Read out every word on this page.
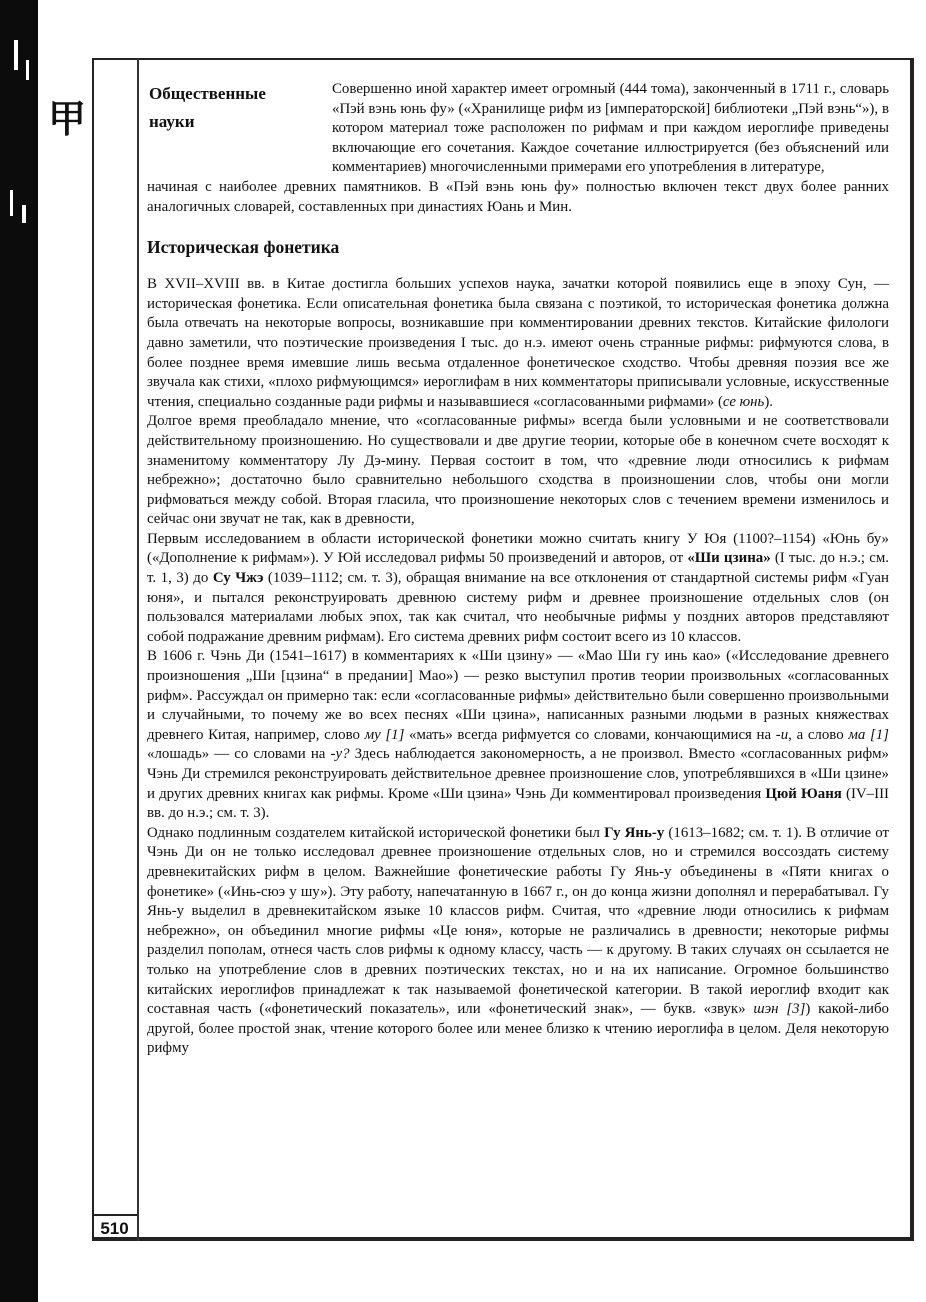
甲
510
Общественные
науки

Совершенно иной характер имеет огромный (444 тома), законченный в 1711 г., словарь «Пэй вэнь юнь фу» («Хранилище рифм из [императорской] библиотеки „Пэй вэнь“»), в котором материал тоже расположен по рифмам и при каждом иероглифе приведены включающие его сочетания. Каждое сочетание иллюстрируется (без объяснений или комментариев) многочисленными примерами его употребления в литературе,

начиная с наиболее древних памятников. В «Пэй вэнь юнь фу» полностью включен текст двух более ранних аналогичных словарей, составленных при династиях Юань и Мин.

Историческая фонетика

В XVII–XVIII вв. в Китае достигла больших успехов наука, зачатки которой появились еще в эпоху Сун, — историческая фонетика. Если описательная фонетика была связана с поэтикой, то историческая фонетика должна была отвечать на некоторые вопросы, возникавшие при комментировании древних текстов. Китайские филологи давно заметили, что поэтические произведения I тыс. до н.э. имеют очень странные рифмы: рифмуются слова, в более позднее время имевшие лишь весьма отдаленное фонетическое сходство. Чтобы древняя поэзия все же звучала как стихи, «плохо рифмующимся» иероглифам в них комментаторы приписывали условные, искусственные чтения, специально созданные ради рифмы и называвшиеся «согласованными рифмами» (се юнь).

Долгое время преобладало мнение, что «согласованные рифмы» всегда были условными и не соответствовали действительному произношению. Но существовали и две другие теории, которые обе в конечном счете восходят к знаменитому комментатору Лу Дэ-мину. Первая состоит в том, что «древние люди относились к рифмам небрежно»; достаточно было сравнительно небольшого сходства в произношении слов, чтобы они могли рифмоваться между собой. Вторая гласила, что произношение некоторых слов с течением времени изменилось и сейчас они звучат не так, как в древности,

Первым исследованием в области исторической фонетики можно считать книгу У Юя (1100?–1154) «Юнь бу» («Дополнение к рифмам»). У Юй исследовал рифмы 50 произведений и авторов, от «Ши цзина» (I тыс. до н.э.; см. т. 1, 3) до Су Чжэ (1039–1112; см. т. 3), обращая внимание на все отклонения от стандартной системы рифм «Гуан юня», и пытался реконструировать древнюю систему рифм и древнее произношение отдельных слов (он пользовался материалами любых эпох, так как считал, что необычные рифмы у поздних авторов представляют собой подражание древним рифмам). Его система древних рифм состоит всего из 10 классов.

В 1606 г. Чэнь Ди (1541–1617) в комментариях к «Ши цзину» — «Мао Ши гу инь као» («Исследование древнего произношения „Ши [цзина“ в предании] Мао») — резко выступил против теории произвольных «согласованных рифм». Рассуждал он примерно так: если «согласованные рифмы» действительно были совершенно произвольными и случайными, то почему же во всех песнях «Ши цзина», написанных разными людьми в разных княжествах древнего Китая, например, слово му [1] «мать» всегда рифмуется со словами, кончающимися на -и, а слово ма [1] «лошадь» — со словами на -у? Здесь наблюдается закономерность, а не произвол. Вместо «согласованных рифм» Чэнь Ди стремился реконструировать действительное древнее произношение слов, употреблявшихся в «Ши цзине» и других древних книгах как рифмы. Кроме «Ши цзина» Чэнь Ди комментировал произведения Цюй Юаня (IV–III вв. до н.э.; см. т. 3).

Однако подлинным создателем китайской исторической фонетики был Гу Янь-у (1613–1682; см. т. 1). В отличие от Чэнь Ди он не только исследовал древнее произношение отдельных слов, но и стремился воссоздать систему древнекитайских рифм в целом. Важнейшие фонетические работы Гу Янь-у объединены в «Пяти книгах о фонетике» («Инь-сюэ у шу»). Эту работу, напечатанную в 1667 г., он до конца жизни дополнял и перерабатывал. Гу Янь-у выделил в древнекитайском языке 10 классов рифм. Считая, что «древние люди относились к рифмам небрежно», он объединил многие рифмы «Це юня», которые не различались в древности; некоторые рифмы разделил пополам, отнеся часть слов рифмы к одному классу, часть — к другому. В таких случаях он ссылается не только на употребление слов в древних поэтических текстах, но и на их написание. Огромное большинство китайских иероглифов принадлежат к так называемой фонетической категории. В такой иероглиф входит как составная часть («фонетический показатель», или «фонетический знак», — букв. «звук» шэн [3]) какой-либо другой, более простой знак, чтение которого более или менее близко к чтению иероглифа в целом. Деля некоторую рифму
